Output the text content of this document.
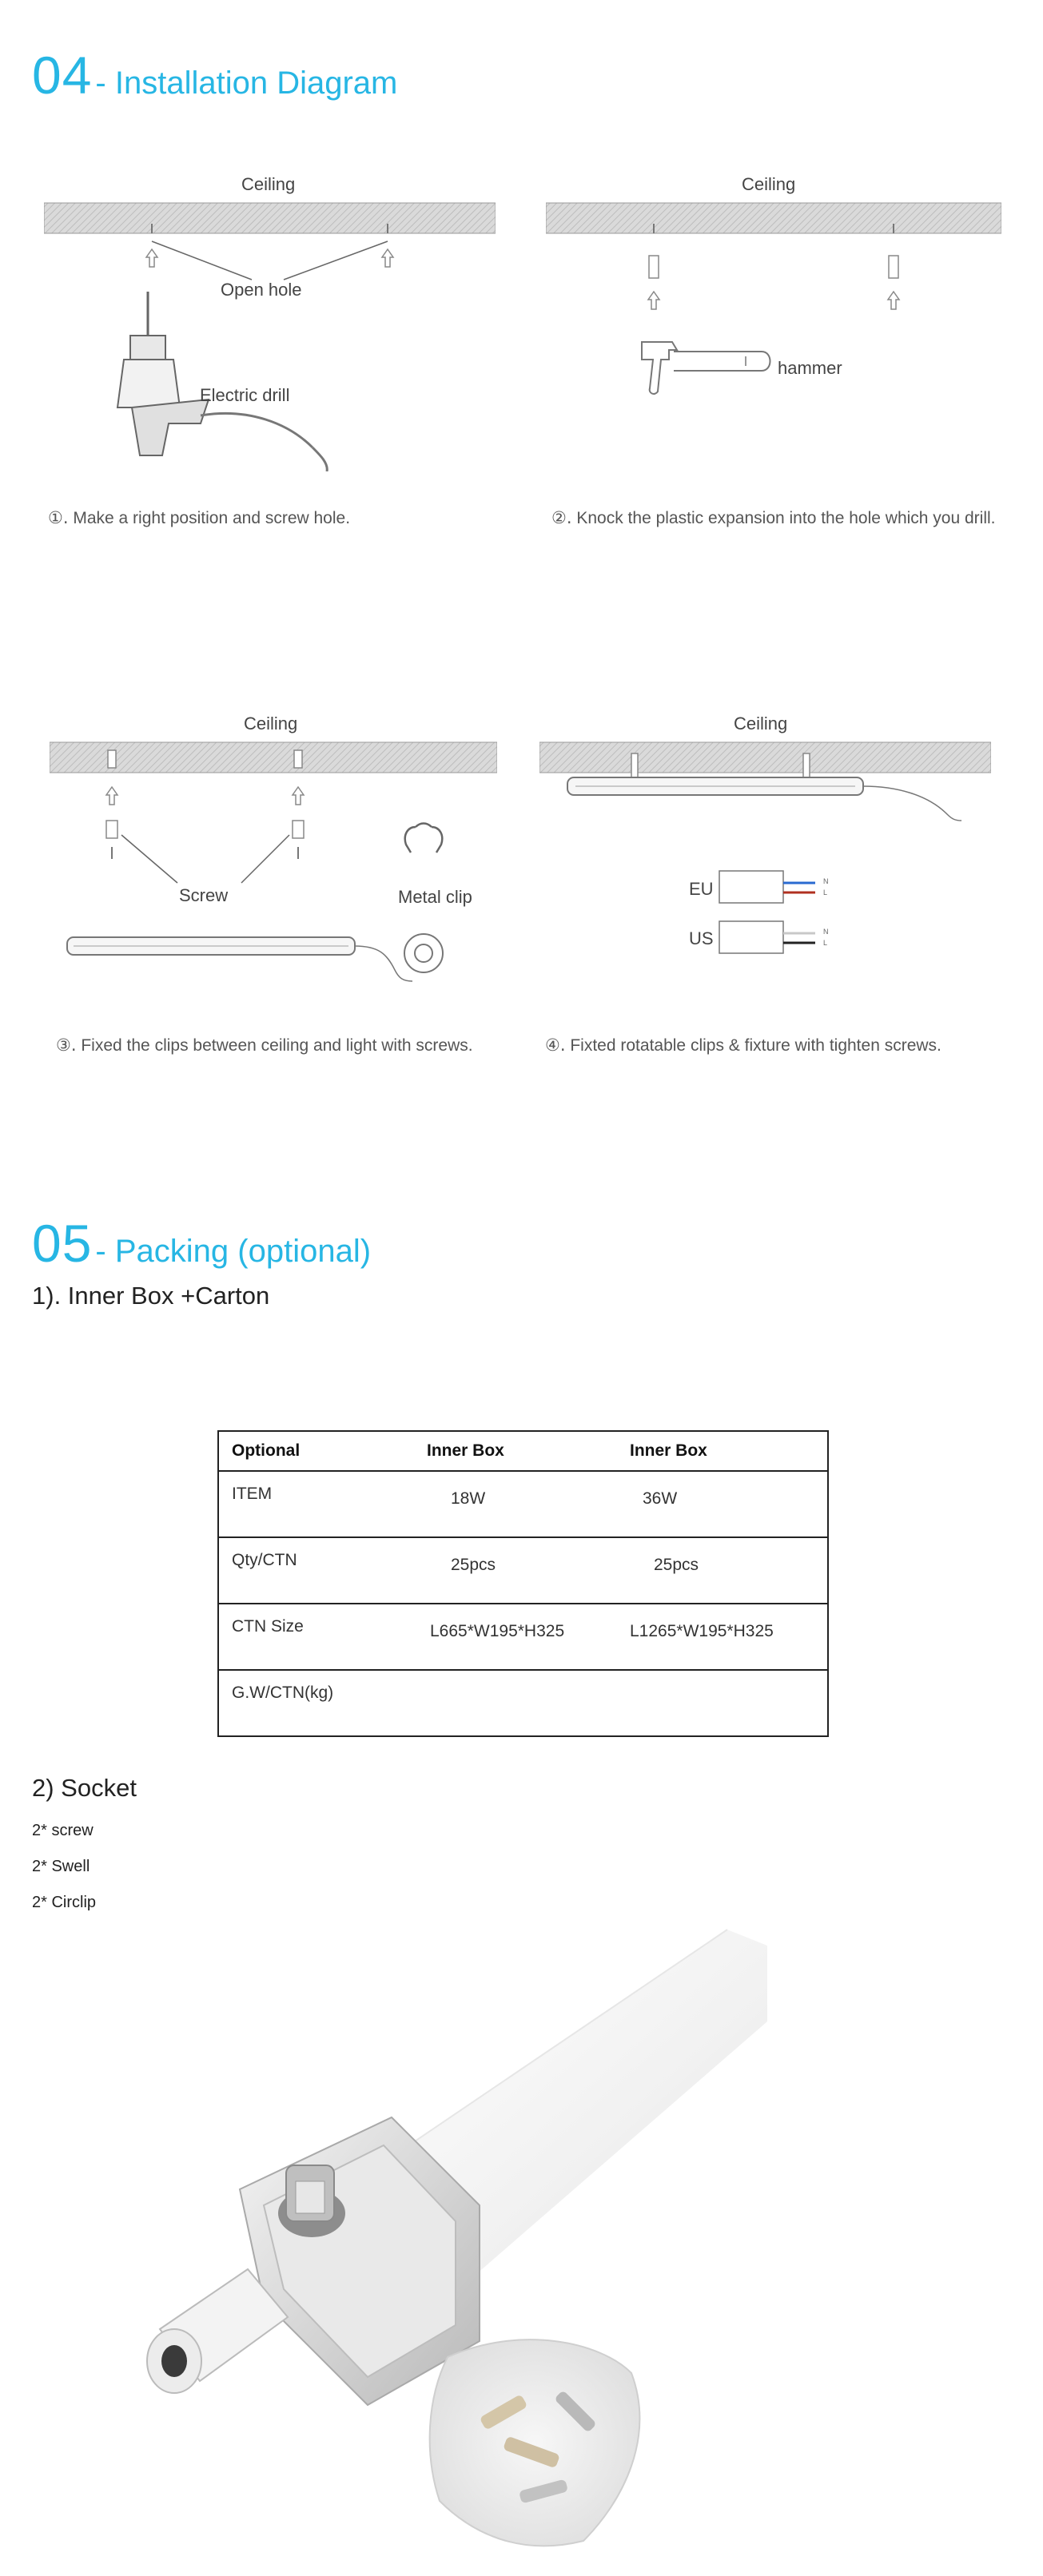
04 - Installation Diagram
Ceiling
Open hole
Electric drill
①. Make a right position and screw hole.
Ceiling
hammer
②. Knock the plastic expansion into the hole which you drill.
Ceiling
Screw	Metal clip
③. Fixed the clips between ceiling and light with screws.
Ceiling
EU
US
N
L
N
L
④. Fixted rotatable clips & fixture with tighten screws.
05 - Packing (optional)
1). Inner Box +Carton
Optional	Inner Box	Inner Box
ITEM	18W	36W
Qty/CTN	25pcs	25pcs
CTN Size	L665*W195*H325	L1265*W195*H325
G.W/CTN(kg)		
2) Socket
2* screw
2* Swell
2* Circlip
